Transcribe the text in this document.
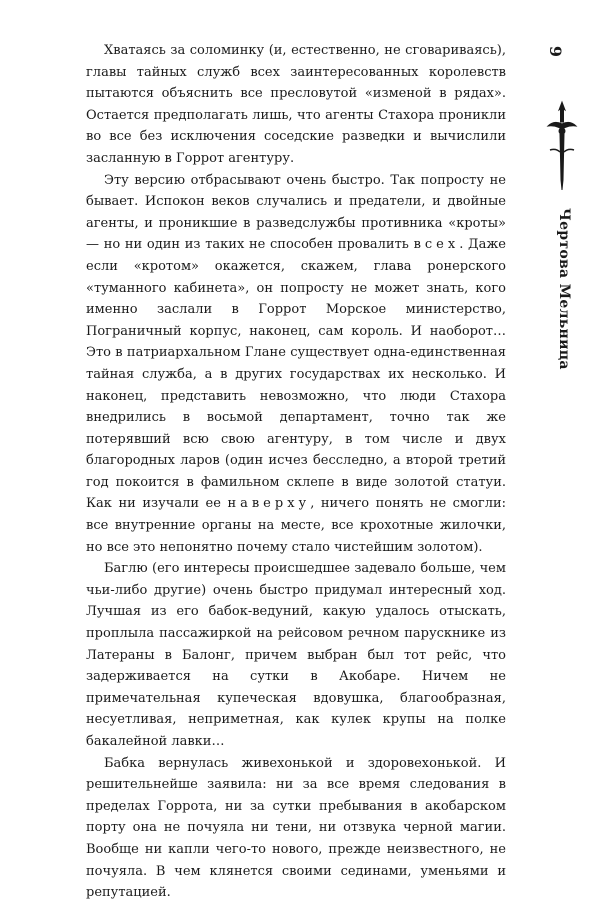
Хватаясь за соломинку (и, естественно, не сговариваясь), главы тайных служб всех заинтересованных королевств пытаются объяснить все пресловутой «изменой в рядах». Остается предполагать лишь, что агенты Стахора проникли во все без исключения соседские разведки и вычислили засланную в Горрот агентуру.

Эту версию отбрасывают очень быстро. Так попросту не бывает. Испокон веков случались и предатели, и двойные агенты, и проникшие в разведслужбы противника «кроты» — но ни один из таких не способен провалить всех. Даже если «кротом» окажется, скажем, глава ронерского «туманного кабинета», он попросту не может знать, кого именно заслали в Горрот Морское министерство, Пограничный корпус, наконец, сам король. И наоборот… Это в патриархальном Глане существует одна-единственная тайная служба, а в других государствах их несколько. И наконец, представить невозможно, что люди Стахора внедрились в восьмой департамент, точно так же потерявший всю свою агентуру, в том числе и двух благородных ларов (один исчез бесследно, а второй третий год покоится в фамильном склепе в виде золотой статуи. Как ни изучали ее наверху, ничего понять не смогли: все внутренние органы на месте, все крохотные жилочки, но все это непонятно почему стало чистейшим золотом).

Баглю (его интересы происшедшее задевало больше, чем чьи-либо другие) очень быстро придумал интересный ход. Лучшая из его бабок-ведуний, какую удалось отыскать, проплыла пассажиркой на рейсовом речном парускнике из Латераны в Балонг, причем выбран был тот рейс, что задерживается на сутки в Акобаре. Ничем не примечательная купеческая вдовушка, благообразная, несуетливая, неприметная, как кулек крупы на полке бакалейной лавки…

Бабка вернулась живехонькой и здоровехонькой. И решительнейше заявила: ни за все время следования в пределах Горрота, ни за сутки пребывания в акобарском порту она не почуяла ни тени, ни отзвука черной магии. Вообще ни капли чего-то нового, прежде неизвестного, не почуяла. В чем клянется своими сединами, уменьями и репутацией.

9
Чертова Мельница
